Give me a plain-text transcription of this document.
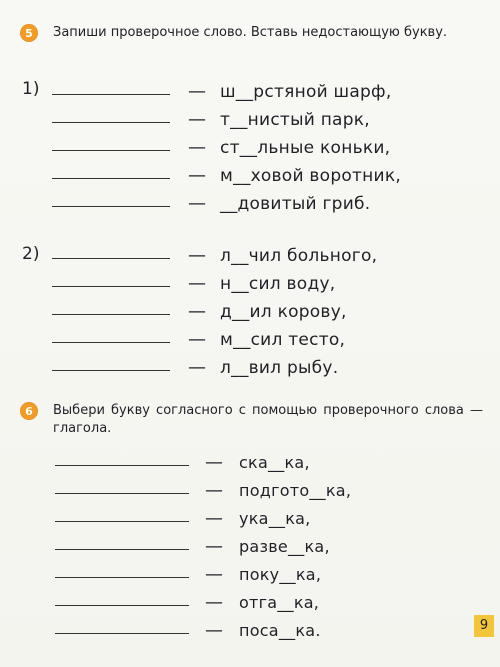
5	Запиши проверочное слово. Вставь недостающую букву.
1)
2)
— ш__рстяной шарф,
— т__нистый парк,
— ст__льные коньки,
— м__ховой воротник,
— __довитый гриб.
— л__чил больного,
— н__сил воду,
— д__ил корову,
— м__сил тесто,
— л__вил рыбу.
6	Выбери букву согласного с помощью проверочного слова — глагола.
— ска__ка,
— подгото__ка,
— ука__ка,
— разве__ка,
— поку__ка,
— отга__ка,
— поса__ка.	9
